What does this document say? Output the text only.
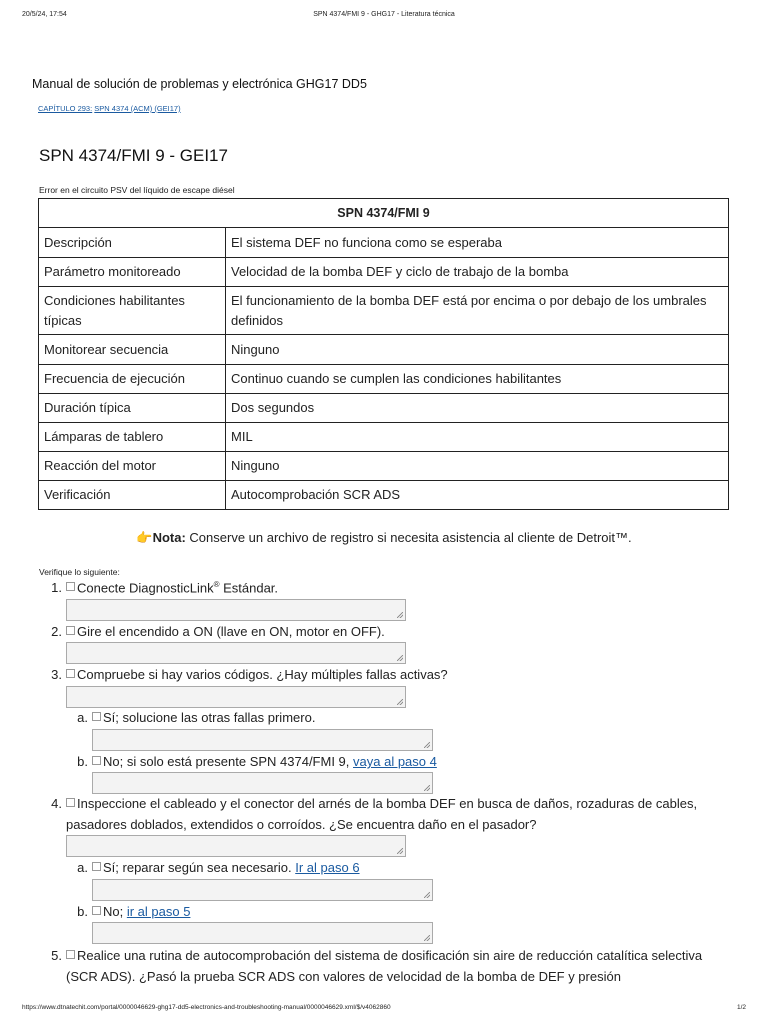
20/5/24, 17:54	SPN 4374/FMI 9 - GHG17 - Literatura técnica
Manual de solución de problemas y electrónica GHG17 DD5
CAPÍTULO 293: SPN 4374 (ACM) (GEI17)
SPN 4374/FMI 9 - GEI17
Error en el circuito PSV del líquido de escape diésel
SPN 4374/FMI 9	
Descripción	El sistema DEF no funciona como se esperaba
Parámetro monitoreado	Velocidad de la bomba DEF y ciclo de trabajo de la bomba
Condiciones habilitantes típicas	El funcionamiento de la bomba DEF está por encima o por debajo de los umbrales definidos
Monitorear secuencia	Ninguno
Frecuencia de ejecución	Continuo cuando se cumplen las condiciones habilitantes
Duración típica	Dos segundos
Lámparas de tablero	MIL
Reacción del motor	Ninguno
Verificación	Autocomprobación SCR ADS
👉Nota: Conserve un archivo de registro si necesita asistencia al cliente de Detroit™.
Verifique lo siguiente:
1.	Conecte DiagnosticLink® Estándar.
2.	Gire el encendido a ON (llave en ON, motor en OFF).
3.	Compruebe si hay varios códigos. ¿Hay múltiples fallas activas?
a.	Sí; solucione las otras fallas primero.
b.	No; si solo está presente SPN 4374/FMI 9, vaya al paso 4
4.	Inspeccione el cableado y el conector del arnés de la bomba DEF en busca de daños, rozaduras de cables, pasadores doblados, extendidos o corroídos. ¿Se encuentra daño en el pasador?
a.	Sí; reparar según sea necesario. Ir al paso 6
b.	No; ir al paso 5
5.	Realice una rutina de autocomprobación del sistema de dosificación sin aire de reducción catalítica selectiva (SCR ADS). ¿Pasó la prueba SCR ADS con valores de velocidad de la bomba de DEF y presión
https://www.dtnatechit.com/portal/0000046629-ghg17-dd5-electronics-and-troubleshooting-manual/0000046629.xml/$/v4062860	1/2
